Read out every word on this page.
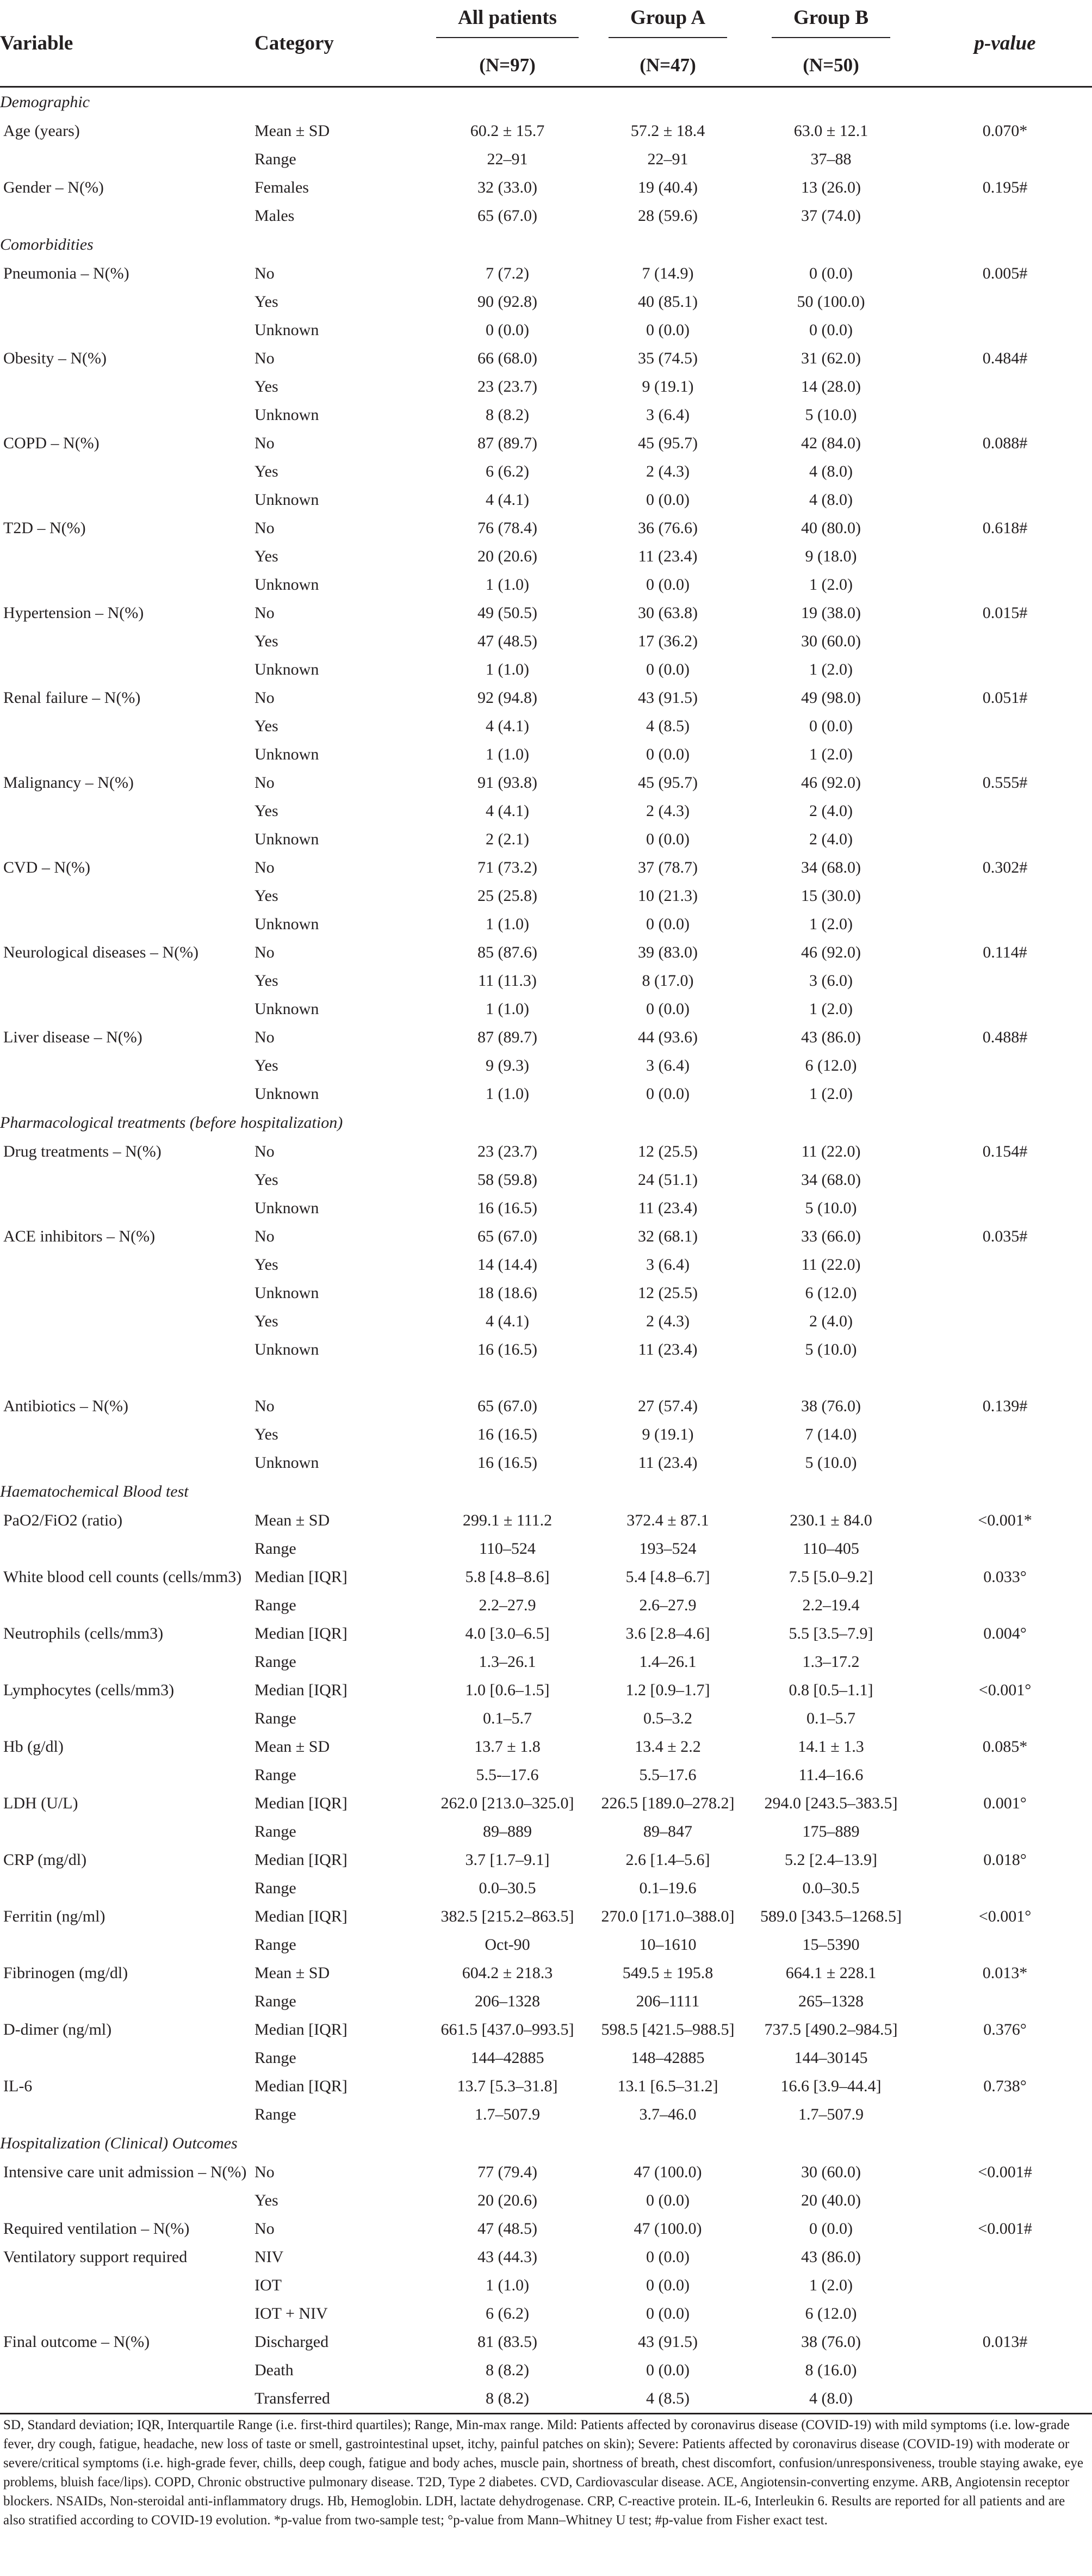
Variable	Category	All patients	Group A	Group B	p-value
		(N=97)	(N=47)	(N=50)	
Demographic					
Age (years)	Mean ± SD	60.2 ± 15.7	57.2 ± 18.4	63.0 ± 12.1	0.070*
	Range	22–91	22–91	37–88	
Gender – N(%)	Females	32 (33.0)	19 (40.4)	13 (26.0)	0.195#
	Males	65 (67.0)	28 (59.6)	37 (74.0)	
Comorbidities					
Pneumonia – N(%)	No	7 (7.2)	7 (14.9)	0 (0.0)	0.005#
	Yes	90 (92.8)	40 (85.1)	50 (100.0)	
	Unknown	0 (0.0)	0 (0.0)	0 (0.0)	
Obesity – N(%)	No	66 (68.0)	35 (74.5)	31 (62.0)	0.484#
	Yes	23 (23.7)	9 (19.1)	14 (28.0)	
	Unknown	8 (8.2)	3 (6.4)	5 (10.0)	
COPD – N(%)	No	87 (89.7)	45 (95.7)	42 (84.0)	0.088#
	Yes	6 (6.2)	2 (4.3)	4 (8.0)	
	Unknown	4 (4.1)	0 (0.0)	4 (8.0)	
T2D – N(%)	No	76 (78.4)	36 (76.6)	40 (80.0)	0.618#
	Yes	20 (20.6)	11 (23.4)	9 (18.0)	
	Unknown	1 (1.0)	0 (0.0)	1 (2.0)	
Hypertension – N(%)	No	49 (50.5)	30 (63.8)	19 (38.0)	0.015#
	Yes	47 (48.5)	17 (36.2)	30 (60.0)	
	Unknown	1 (1.0)	0 (0.0)	1 (2.0)	
Renal failure – N(%)	No	92 (94.8)	43 (91.5)	49 (98.0)	0.051#
	Yes	4 (4.1)	4 (8.5)	0 (0.0)	
	Unknown	1 (1.0)	0 (0.0)	1 (2.0)	
Malignancy – N(%)	No	91 (93.8)	45 (95.7)	46 (92.0)	0.555#
	Yes	4 (4.1)	2 (4.3)	2 (4.0)	
	Unknown	2 (2.1)	0 (0.0)	2 (4.0)	
CVD – N(%)	No	71 (73.2)	37 (78.7)	34 (68.0)	0.302#
	Yes	25 (25.8)	10 (21.3)	15 (30.0)	
	Unknown	1 (1.0)	0 (0.0)	1 (2.0)	
Neurological diseases – N(%)	No	85 (87.6)	39 (83.0)	46 (92.0)	0.114#
	Yes	11 (11.3)	8 (17.0)	3 (6.0)	
	Unknown	1 (1.0)	0 (0.0)	1 (2.0)	
Liver disease – N(%)	No	87 (89.7)	44 (93.6)	43 (86.0)	0.488#
	Yes	9 (9.3)	3 (6.4)	6 (12.0)	
	Unknown	1 (1.0)	0 (0.0)	1 (2.0)	
Pharmacological treatments (before hospitalization)					
Drug treatments – N(%)	No	23 (23.7)	12 (25.5)	11 (22.0)	0.154#
	Yes	58 (59.8)	24 (51.1)	34 (68.0)	
	Unknown	16 (16.5)	11 (23.4)	5 (10.0)	
ACE inhibitors – N(%)	No	65 (67.0)	32 (68.1)	33 (66.0)	0.035#
	Yes	14 (14.4)	3 (6.4)	11 (22.0)	
	Unknown	18 (18.6)	12 (25.5)	6 (12.0)	
	Yes	4 (4.1)	2 (4.3)	2 (4.0)	
	Unknown	16 (16.5)	11 (23.4)	5 (10.0)	

Antibiotics – N(%)	No	65 (67.0)	27 (57.4)	38 (76.0)	0.139#
	Yes	16 (16.5)	9 (19.1)	7 (14.0)	
	Unknown	16 (16.5)	11 (23.4)	5 (10.0)	
Haematochemical Blood test					
PaO2/FiO2 (ratio)	Mean ± SD	299.1 ± 111.2	372.4 ± 87.1	230.1 ± 84.0	<0.001*
	Range	110–524	193–524	110–405	
White blood cell counts (cells/mm3)	Median [IQR]	5.8 [4.8–8.6]	5.4 [4.8–6.7]	7.5 [5.0–9.2]	0.033°
	Range	2.2–27.9	2.6–27.9	2.2–19.4	
Neutrophils (cells/mm3)	Median [IQR]	4.0 [3.0–6.5]	3.6 [2.8–4.6]	5.5 [3.5–7.9]	0.004°
	Range	1.3–26.1	1.4–26.1	1.3–17.2	
Lymphocytes (cells/mm3)	Median [IQR]	1.0 [0.6–1.5]	1.2 [0.9–1.7]	0.8 [0.5–1.1]	<0.001°
	Range	0.1–5.7	0.5–3.2	0.1–5.7	
Hb (g/dl)	Mean ± SD	13.7 ± 1.8	13.4 ± 2.2	14.1 ± 1.3	0.085*
	Range	5.5-–17.6	5.5–17.6	11.4–16.6	
LDH (U/L)	Median [IQR]	262.0 [213.0–325.0]	226.5 [189.0–278.2]	294.0 [243.5–383.5]	0.001°
	Range	89–889	89–847	175–889	
CRP (mg/dl)	Median [IQR]	3.7 [1.7–9.1]	2.6 [1.4–5.6]	5.2 [2.4–13.9]	0.018°
	Range	0.0–30.5	0.1–19.6	0.0–30.5	
Ferritin (ng/ml)	Median [IQR]	382.5 [215.2–863.5]	270.0 [171.0–388.0]	589.0 [343.5–1268.5]	<0.001°
	Range	Oct-90	10–1610	15–5390	
Fibrinogen (mg/dl)	Mean ± SD	604.2 ± 218.3	549.5 ± 195.8	664.1 ± 228.1	0.013*
	Range	206–1328	206–1111	265–1328	
D-dimer (ng/ml)	Median [IQR]	661.5 [437.0–993.5]	598.5 [421.5–988.5]	737.5 [490.2–984.5]	0.376°
	Range	144–42885	148–42885	144–30145	
IL-6	Median [IQR]	13.7 [5.3–31.8]	13.1 [6.5–31.2]	16.6 [3.9–44.4]	0.738°
	Range	1.7–507.9	3.7–46.0	1.7–507.9	
Hospitalization (Clinical) Outcomes					
Intensive care unit admission – N(%)	No	77 (79.4)	47 (100.0)	30 (60.0)	<0.001#
	Yes	20 (20.6)	0 (0.0)	20 (40.0)	
Required ventilation – N(%)	No	47 (48.5)	47 (100.0)	0 (0.0)	<0.001#
Ventilatory support required	NIV	43 (44.3)	0 (0.0)	43 (86.0)	
	IOT	1 (1.0)	0 (0.0)	1 (2.0)	
	IOT + NIV	6 (6.2)	0 (0.0)	6 (12.0)	
Final outcome – N(%)	Discharged	81 (83.5)	43 (91.5)	38 (76.0)	0.013#
	Death	8 (8.2)	0 (0.0)	8 (16.0)	
	Transferred	8 (8.2)	4 (8.5)	4 (8.0)	

SD, Standard deviation; IQR, Interquartile Range (i.e. first-third quartiles); Range, Min-max range. Mild: Patients affected by coronavirus disease (COVID-19) with mild symptoms (i.e. low-grade fever, dry cough, fatigue, headache, new loss of taste or smell, gastrointestinal upset, itchy, painful patches on skin); Severe: Patients affected by coronavirus disease (COVID-19) with moderate or severe/critical symptoms (i.e. high-grade fever, chills, deep cough, fatigue and body aches, muscle pain, shortness of breath, chest discomfort, confusion/unresponsiveness, trouble staying awake, eye problems, bluish face/lips). COPD, Chronic obstructive pulmonary disease. T2D, Type 2 diabetes. CVD, Cardiovascular disease. ACE, Angiotensin-converting enzyme. ARB, Angiotensin receptor blockers. NSAIDs, Non-steroidal anti-inflammatory drugs. Hb, Hemoglobin. LDH, lactate dehydrogenase. CRP, C-reactive protein. IL-6, Interleukin 6. Results are reported for all patients and are also stratified according to COVID-19 evolution. *p-value from two-sample test; °p-value from Mann–Whitney U test; #p-value from Fisher exact test.
